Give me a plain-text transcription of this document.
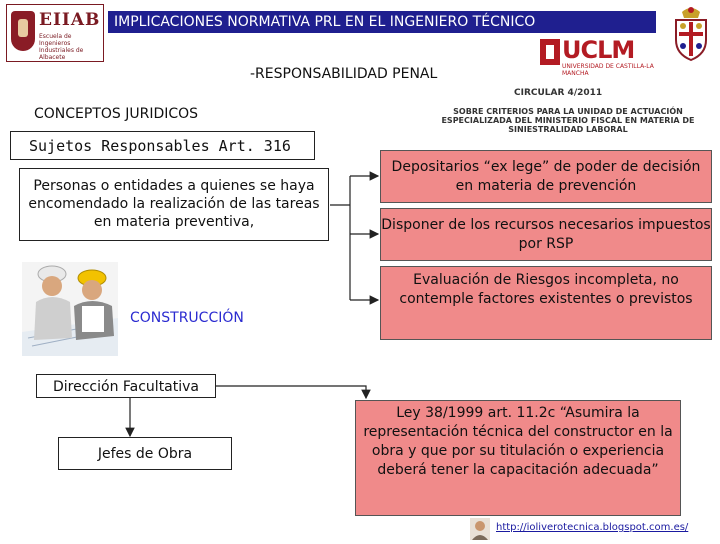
EIIAB
Escuela de Ingenieros Industriales de Albacete
IMPLICACIONES NORMATIVA PRL EN EL INGENIERO TÉCNICO
UCLM
UNIVERSIDAD DE CASTILLA-LA MANCHA
-RESPONSABILIDAD PENAL
CIRCULAR 4/2011
SOBRE CRITERIOS PARA LA UNIDAD DE ACTUACIÓN ESPECIALIZADA DEL MINISTERIO FISCAL EN MATERIA DE SINIESTRALIDAD LABORAL
CONCEPTOS JURIDICOS
Sujetos Responsables Art. 316
Personas o entidades a quienes se haya encomendado la realización de las tareas en materia preventiva,
CONSTRUCCIÓN
Dirección Facultativa
Jefes de Obra
Depositarios “ex lege” de poder de decisión en materia de prevención
Disponer de los recursos necesarios impuestos por RSP
Evaluación de Riesgos incompleta, no contemple factores existentes o previstos
Ley 38/1999 art. 11.2c “Asumira la representación técnica del constructor en la obra y que por su titulación o experiencia deberá tener la capacitación adecuada”
http://ioliverotecnica.blogspot.com.es/
